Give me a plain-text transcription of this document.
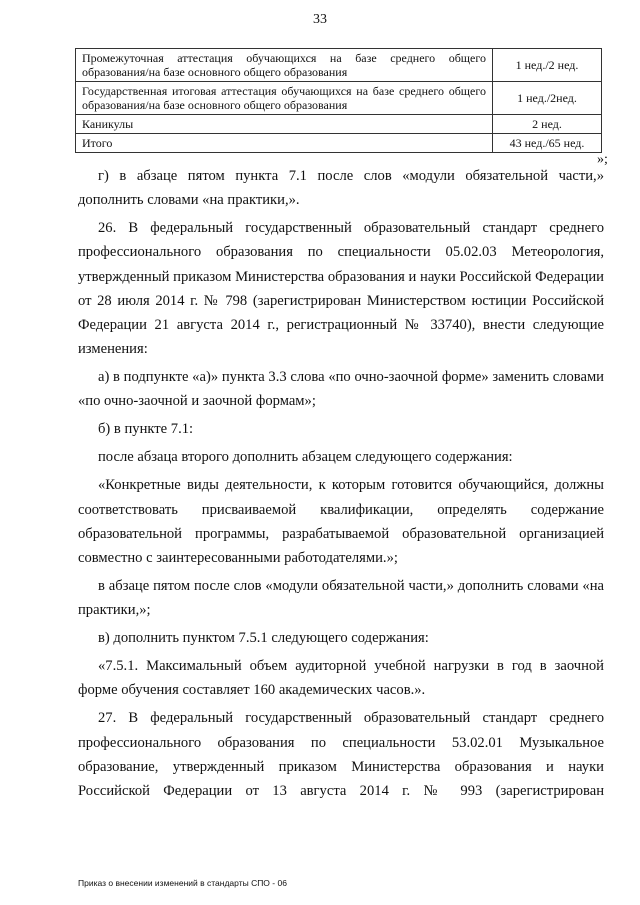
33
Промежуточная аттестация обучающихся на базе среднего общего образования/на базе основного общего образования	1 нед./2 нед.
Государственная итоговая аттестация обучающихся на базе среднего общего образования/на базе основного общего образования	1 нед./2нед.
Каникулы	2 нед.
Итого	43 нед./65 нед.
»;

г) в абзаце пятом пункта 7.1 после слов «модули обязательной части,» дополнить словами «на практики,».

26. В федеральный государственный образовательный стандарт среднего профессионального образования по специальности 05.02.03 Метеорология, утвержденный приказом Министерства образования и науки Российской Федерации от 28 июля 2014 г. № 798 (зарегистрирован Министерством юстиции Российской Федерации 21 августа 2014 г., регистрационный № 33740), внести следующие изменения:

а) в подпункте «а)» пункта 3.3 слова «по очно-заочной форме» заменить словами «по очно-заочной и заочной формам»;

б) в пункте 7.1:

после абзаца второго дополнить абзацем следующего содержания:

«Конкретные виды деятельности, к которым готовится обучающийся, должны соответствовать присваиваемой квалификации, определять содержание образовательной программы, разрабатываемой образовательной организацией совместно с заинтересованными работодателями.»;

в абзаце пятом после слов «модули обязательной части,» дополнить словами «на практики,»;

в) дополнить пунктом 7.5.1 следующего содержания:

«7.5.1. Максимальный объем аудиторной учебной нагрузки в год в заочной форме обучения составляет 160 академических часов.».

27. В федеральный государственный образовательный стандарт среднего профессионального образования по специальности 53.02.01 Музыкальное образование, утвержденный приказом Министерства образования и науки Российской Федерации от 13 августа 2014 г. № 993 (зарегистрирован

Приказ о внесении изменений в стандарты СПО - 06
